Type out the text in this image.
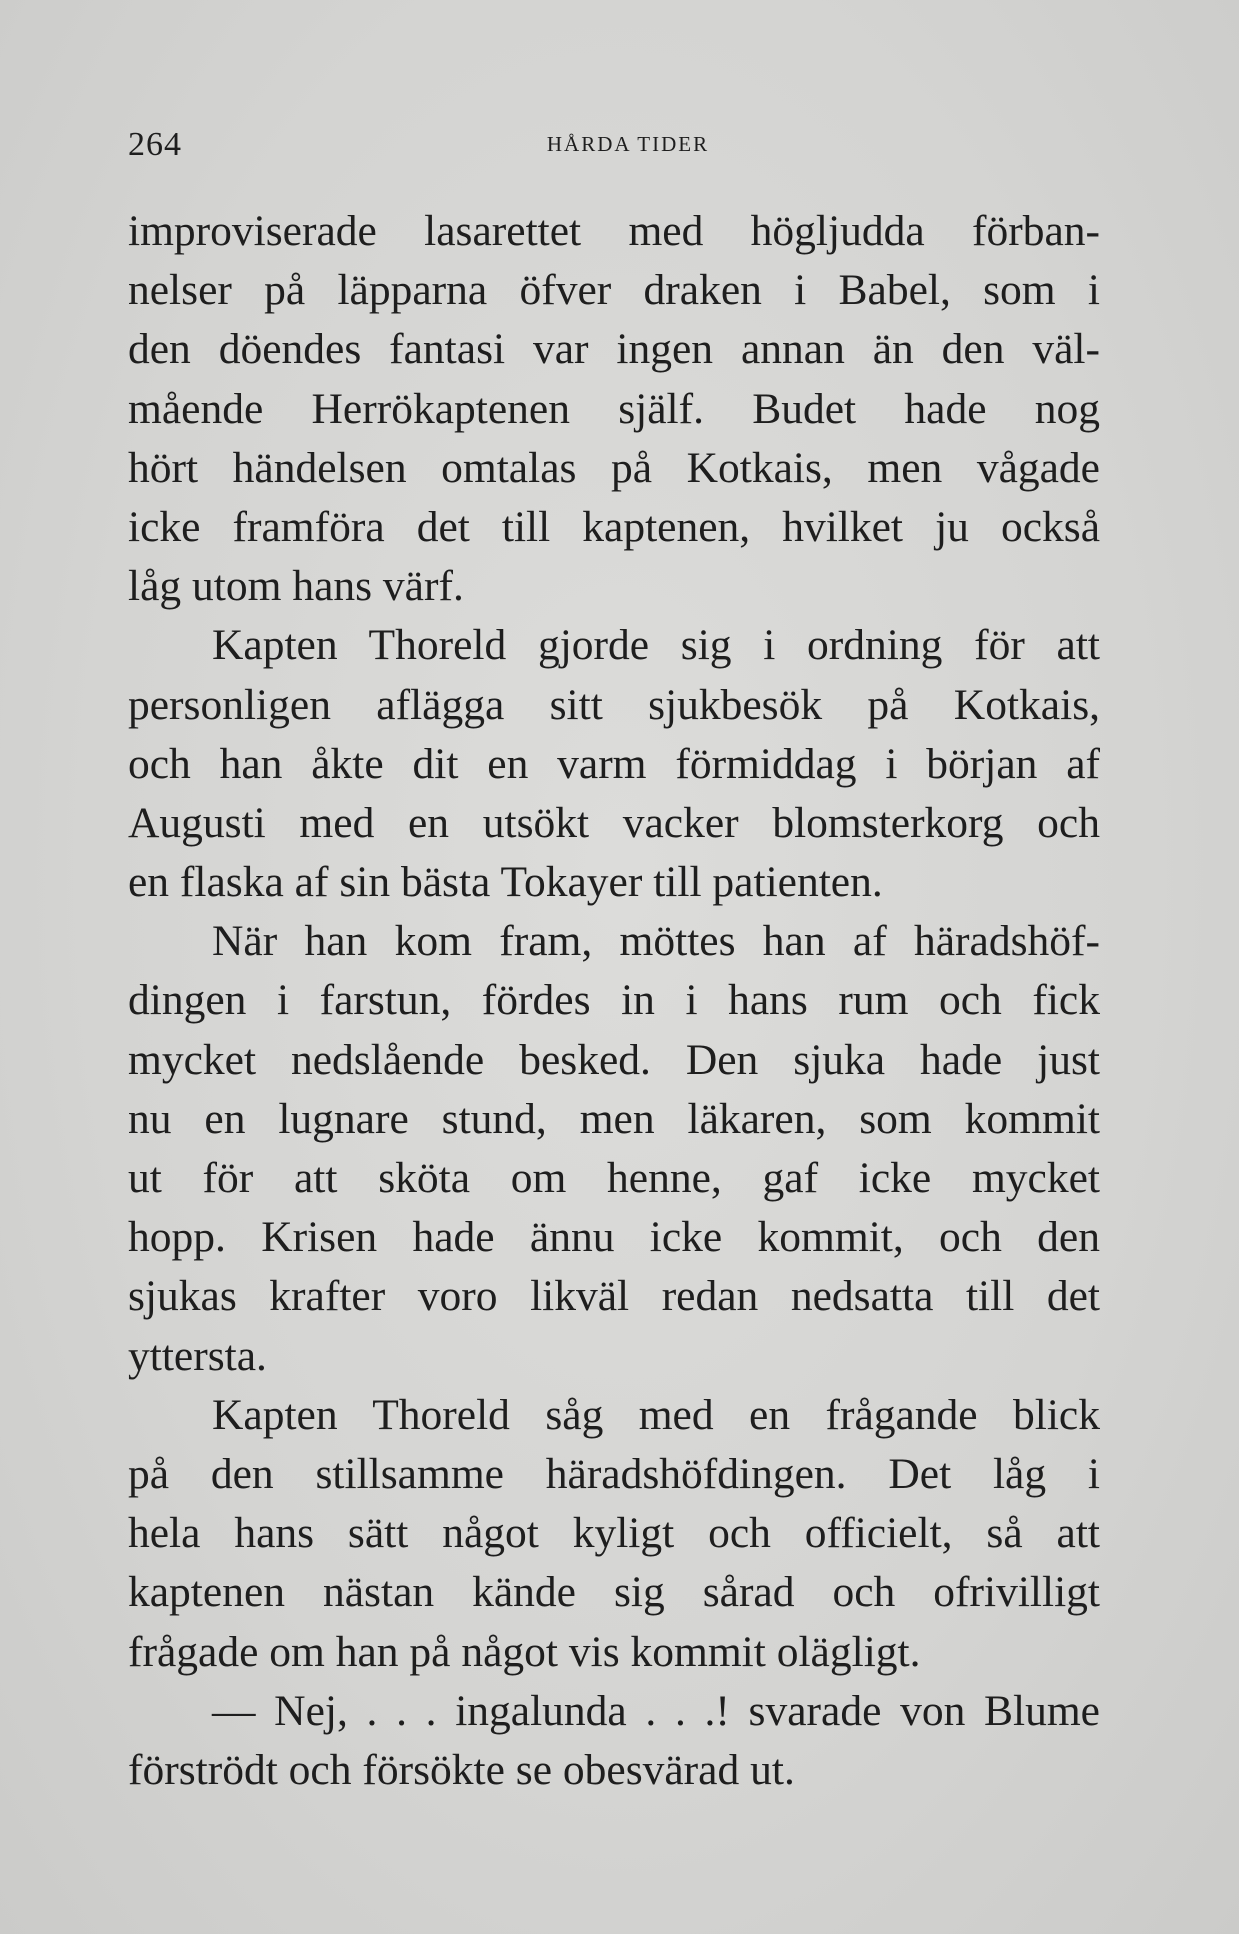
264	HÅRDA TIDER
improviserade lasarettet med högljudda förban-
nelser på läpparna öfver draken i Babel, som i
den döendes fantasi var ingen annan än den väl-
mående Herrökaptenen själf. Budet hade nog
hört händelsen omtalas på Kotkais, men vågade
icke framföra det till kaptenen, hvilket ju också
låg utom hans värf.
Kapten Thoreld gjorde sig i ordning för att
personligen aflägga sitt sjukbesök på Kotkais,
och han åkte dit en varm förmiddag i början af
Augusti med en utsökt vacker blomsterkorg och
en flaska af sin bästa Tokayer till patienten.
När han kom fram, möttes han af häradshöf-
dingen i farstun, fördes in i hans rum och fick
mycket nedslående besked. Den sjuka hade just
nu en lugnare stund, men läkaren, som kommit
ut för att sköta om henne, gaf icke mycket
hopp. Krisen hade ännu icke kommit, och den
sjukas krafter voro likväl redan nedsatta till det
yttersta.
Kapten Thoreld såg med en frågande blick
på den stillsamme häradshöfdingen. Det låg i
hela hans sätt något kyligt och officielt, så att
kaptenen nästan kände sig sårad och ofrivilligt
frågade om han på något vis kommit olägligt.
— Nej, . . . ingalunda . . .! svarade von Blume
förströdt och försökte se obesvärad ut.
